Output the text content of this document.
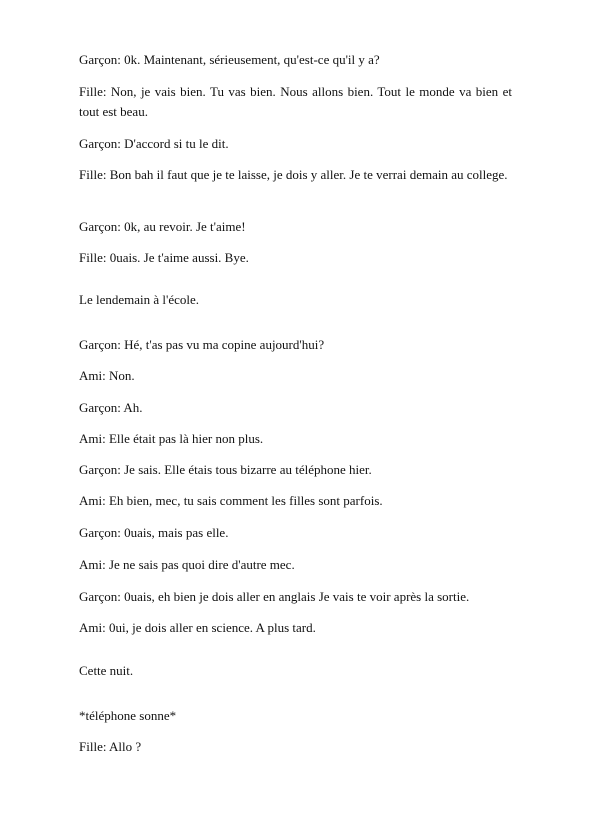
Garçon: 0k. Maintenant, sérieusement, qu'est-ce qu'il y a?

Fille: Non, je vais bien. Tu vas bien. Nous allons bien. Tout le monde va bien et tout est beau.

Garçon: D'accord si tu le dit.

Fille: Bon bah il faut que je te laisse, je dois y aller. Je te verrai demain au college.

Garçon: 0k, au revoir. Je t'aime!

Fille: 0uais. Je t'aime aussi. Bye.

Le lendemain à l'école.

Garçon: Hé, t'as pas vu ma copine aujourd'hui?

Ami: Non.

Garçon: Ah.

Ami: Elle était pas là hier non plus.

Garçon: Je sais. Elle étais tous bizarre au téléphone hier.

Ami: Eh bien, mec, tu sais comment les filles sont parfois.

Garçon: 0uais, mais pas elle.

Ami: Je ne sais pas quoi dire d'autre mec.

Garçon: 0uais, eh bien je dois aller en anglais Je vais te voir après la sortie.

Ami: 0ui, je dois aller en science. A plus tard.

Cette nuit.

*téléphone sonne*

Fille: Allo ?
